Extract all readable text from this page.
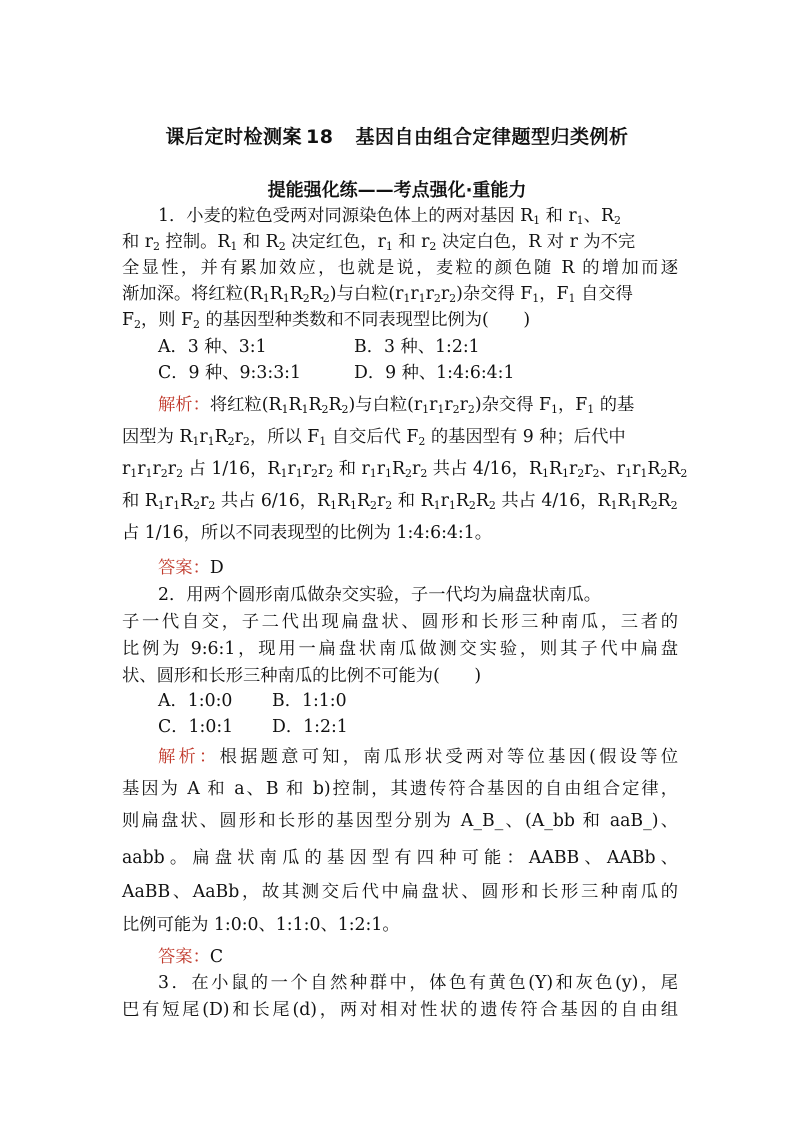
课后定时检测案 18 基因自由组合定律题型归类例析
提能强化练——考点强化·重能力
1．小麦的粒色受两对同源染色体上的两对基因 $R_1$ 和 $r_1$、$R_2$
和 $r_2$ 控制。$R_1$ 和 $R_2$ 决定红色，$r_1$ 和 $r_2$ 决定白色，R 对 r 为不完
全显性，并有累加效应，也就是说，麦粒的颜色随 R 的增加而逐
渐加深。将红粒$(R_1R_1R_2R_2)$与白粒$(r_1r_1r_2r_2)$杂交得 $F_1$，$F_1$ 自交得
$F_2$，则 $F_2$ 的基因型种类数和不同表现型比例为(　　)
A．3 种、3:1	B．3 种、1:2:1
C．9 种、9:3:3:1	D．9 种、1:4:6:4:1
解析：将红粒$(R_1R_1R_2R_2)$与白粒$(r_1r_1r_2r_2)$杂交得 $F_1$，$F_1$ 的基
因型为 $R_1r_1R_2r_2$，所以 $F_1$ 自交后代 $F_2$ 的基因型有 9 种；后代中
$r_1r_1r_2r_2$ 占 1/16，$R_1r_1r_2r_2$ 和 $r_1r_1R_2r_2$ 共占 4/16，$R_1R_1r_2r_2$、$r_1r_1R_2R_2$
和 $R_1r_1R_2r_2$ 共占 6/16，$R_1R_1R_2r_2$ 和 $R_1r_1R_2R_2$ 共占 4/16，$R_1R_1R_2R_2$
占 1/16，所以不同表现型的比例为 1:4:6:4:1。
答案：D
2．用两个圆形南瓜做杂交实验，子一代均为扁盘状南瓜。
子一代自交，子二代出现扁盘状、圆形和长形三种南瓜，三者的
比例为 9:6:1，现用一扁盘状南瓜做测交实验，则其子代中扁盘
状、圆形和长形三种南瓜的比例不可能为(　　)
A．1:0:0 B．1:1:0
C．1:0:1 D．1:2:1
解析：根据题意可知，南瓜形状受两对等位基因(假设等位
基因为 A 和 a、B 和 b)控制，其遗传符合基因的自由组合定律，
则扁盘状、圆形和长形的基因型分别为 A_B_、(A_bb 和 aaB_)、
aabb。扁盘状南瓜的基因型有四种可能：AABB、AABb、
AaBB、AaBb，故其测交后代中扁盘状、圆形和长形三种南瓜的
比例可能为 1:0:0、1:1:0、1:2:1。
答案：C
3．在小鼠的一个自然种群中，体色有黄色(Y)和灰色(y)，尾
巴有短尾(D)和长尾(d)，两对相对性状的遗传符合基因的自由组
